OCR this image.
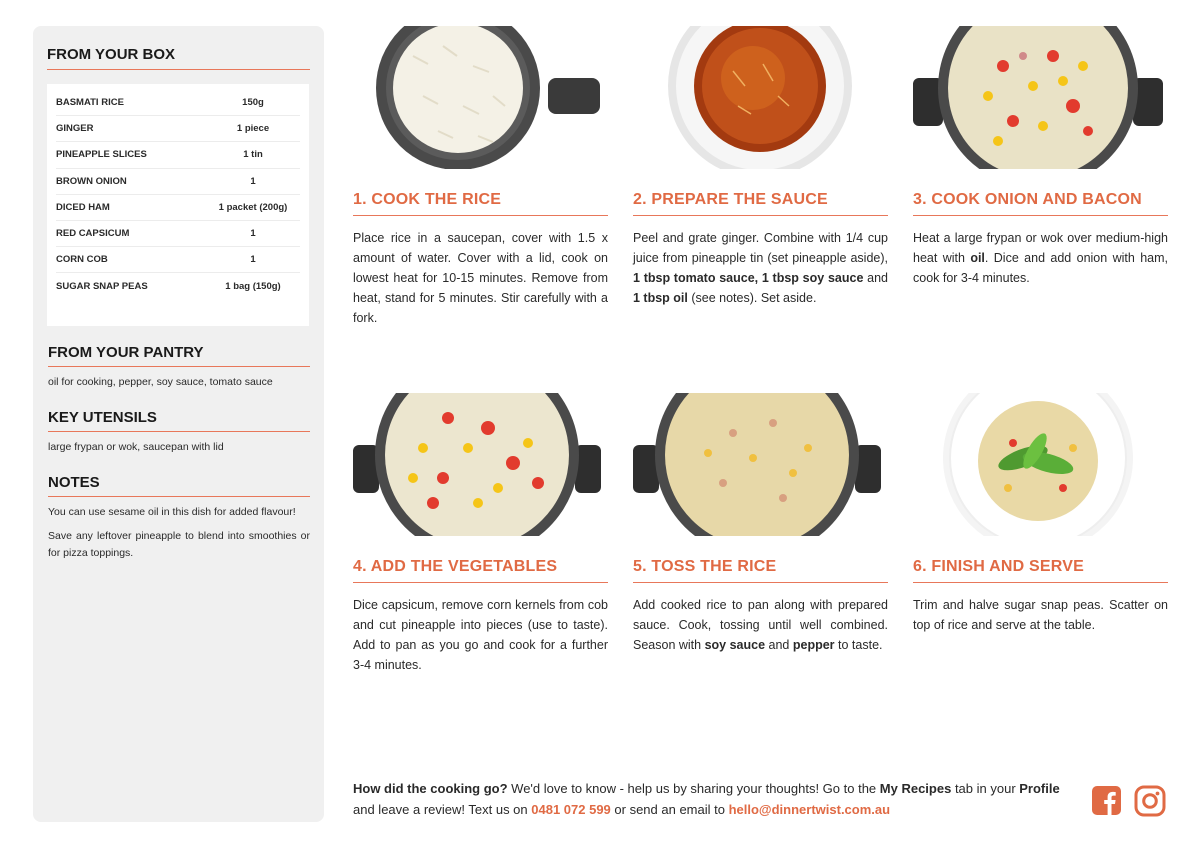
FROM YOUR BOX
BASMATI RICE	150g
GINGER	1 piece
PINEAPPLE SLICES	1 tin
BROWN ONION	1
DICED HAM	1 packet (200g)
RED CAPSICUM	1
CORN COB	1
SUGAR SNAP PEAS	1 bag (150g)
FROM YOUR PANTRY
oil for cooking, pepper, soy sauce, tomato sauce
KEY UTENSILS
large frypan or wok, saucepan with lid
NOTES

You can use sesame oil in this dish for added flavour!

Save any leftover pineapple to blend into smoothies or for pizza toppings.

1. COOK THE RICE

Place rice in a saucepan, cover with 1.5 x amount of water. Cover with a lid, cook on lowest heat for 10-15 minutes. Remove from heat, stand for 5 minutes. Stir carefully with a fork.

2. PREPARE THE SAUCE

Peel and grate ginger. Combine with 1/4 cup juice from pineapple tin (set pineapple aside), 1 tbsp tomato sauce, 1 tbsp soy sauce and 1 tbsp oil (see notes). Set aside.

3. COOK ONION AND BACON

Heat a large frypan or wok over medium-high heat with oil. Dice and add onion with ham, cook for 3-4 minutes.

4. ADD THE VEGETABLES

Dice capsicum, remove corn kernels from cob and cut pineapple into pieces (use to taste). Add to pan as you go and cook for a further 3-4 minutes.

5. TOSS THE RICE

Add cooked rice to pan along with prepared sauce. Cook, tossing until well combined. Season with soy sauce and pepper to taste.

6. FINISH AND SERVE

Trim and halve sugar snap peas. Scatter on top of rice and serve at the table.

How did the cooking go? We'd love to know - help us by sharing your thoughts! Go to the My Recipes tab in your Profile and leave a review! Text us on 0481 072 599 or send an email to hello@dinnertwist.com.au
